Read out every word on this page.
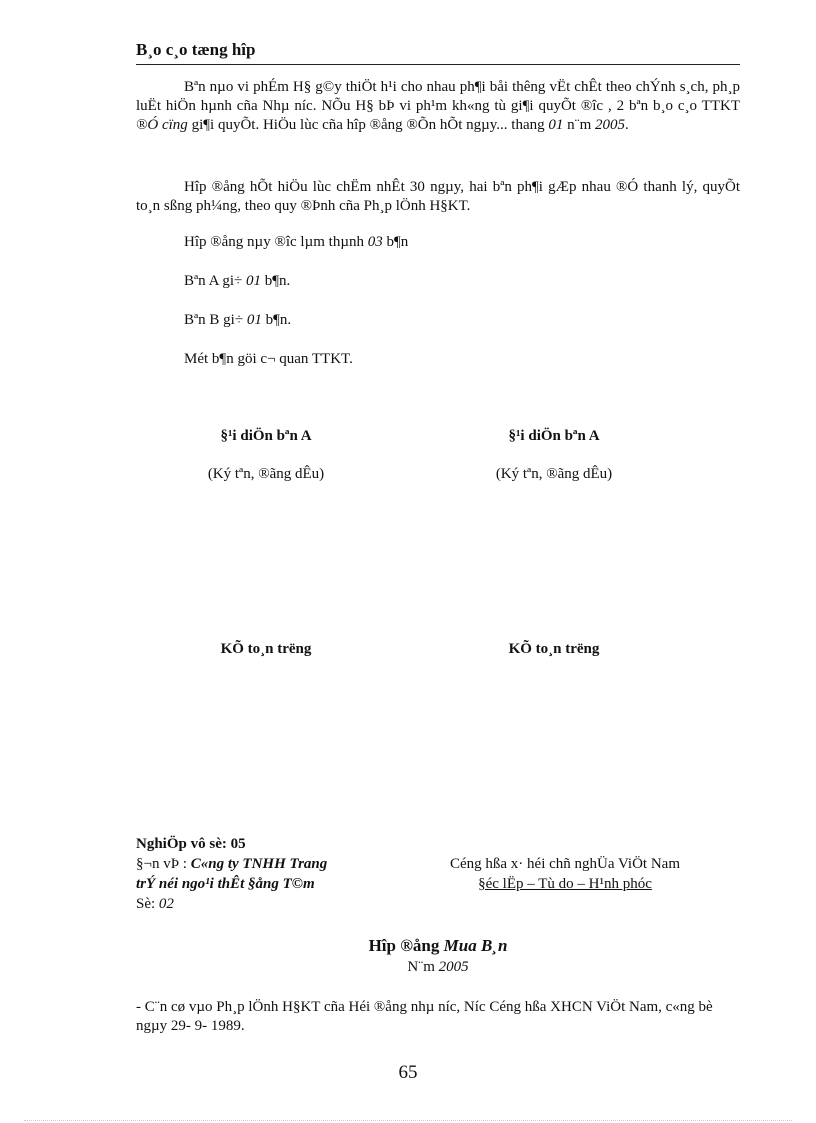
B¸o c¸o tæng hîp
Bªn nµo vi phÉm H§ g©y thiÖt h¹i cho nhau ph¶i båi thêng vËt chÊt theo chÝnh s¸ch, ph¸p luËt hiÖn hµnh cña Nhµ níc. NÕu H§ bÞ vi ph¹m kh«ng tù gi¶i quyÕt ®îc , 2 bªn b¸o c¸o TTKT ®Ó cïng gi¶i quyÕt. HiÖu lùc cña hîp ®ång ®Õn hÕt ngµy... thang 01 n¨m 2005.
Hîp ®ång hÕt hiÖu lùc chËm nhÊt 30 ngµy, hai bªn ph¶i gÆp nhau ®Ó thanh lý, quyÕt to¸n sßng ph¼ng, theo quy ®Þnh cña Ph¸p lÖnh H§KT.
Hîp ®ång nµy ®îc lµm thµnh 03 b¶n
Bªn A gi÷ 01 b¶n.
Bªn B gi÷ 01 b¶n.
Mét b¶n göi c¬ quan TTKT.
§¹i diÖn bªn A	§¹i diÖn bªn A
(Ký tªn, ®ãng dÊu)	(Ký tªn, ®ãng dÊu)
KÕ to¸n trëng	KÕ to¸n trëng
NghiÖp vô sè: 05
§¬n vÞ : C«ng ty TNHH Trang
trÝ néi ngo¹i thÊt §ång T©m
Sè: 02
Céng hßa x· héi chñ nghÜa ViÖt Nam
§éc lËp – Tù do – H¹nh phóc
Hîp ®ång Mua B¸n
N¨m 2005
- C¨n cø vµo Ph¸p lÖnh H§KT cña Héi ®ång nhµ níc, Níc Céng hßa XHCN ViÖt Nam, c«ng bè ngµy 29- 9- 1989.
65
